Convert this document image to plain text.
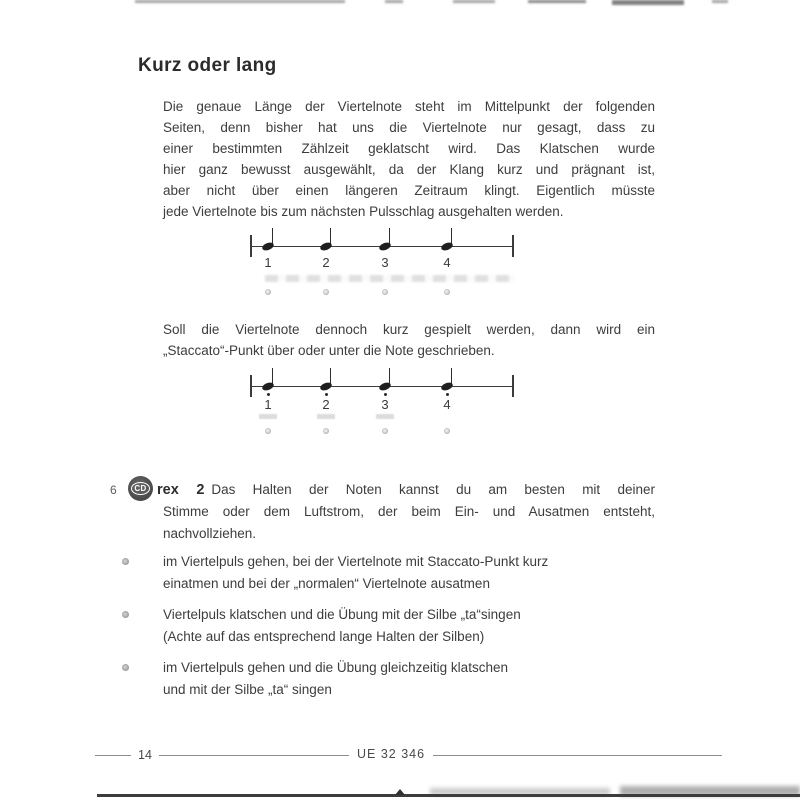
Kurz oder lang
Die genaue Länge der Viertelnote steht im Mittelpunkt der folgenden
Seiten, denn bisher hat uns die Viertelnote nur gesagt, dass zu
einer bestimmten Zählzeit geklatscht wird. Das Klatschen wurde
hier ganz bewusst ausgewählt, da der Klang kurz und prägnant ist,
aber nicht über einen längeren Zeitraum klingt. Eigentlich müsste
jede Viertelnote bis zum nächsten Pulsschlag ausgehalten werden.
1	2	3	4
Soll die Viertelnote dennoch kurz gespielt werden, dann wird ein
„Staccato“-Punkt über oder unter die Note geschrieben.
1	2	3	4
6	CD rex 2 Das Halten der Noten kannst du am besten mit deiner
Stimme oder dem Luftstrom, der beim Ein- und Ausatmen entsteht,
nachvollziehen.
im Viertelpuls gehen, bei der Viertelnote mit Staccato-Punkt kurz
einatmen und bei der „normalen“ Viertelnote ausatmen
Viertelpuls klatschen und die Übung mit der Silbe „ta“singen
(Achte auf das entsprechend lange Halten der Silben)
im Viertelpuls gehen und die Übung gleichzeitig klatschen
und mit der Silbe „ta“ singen
14	UE 32 346
